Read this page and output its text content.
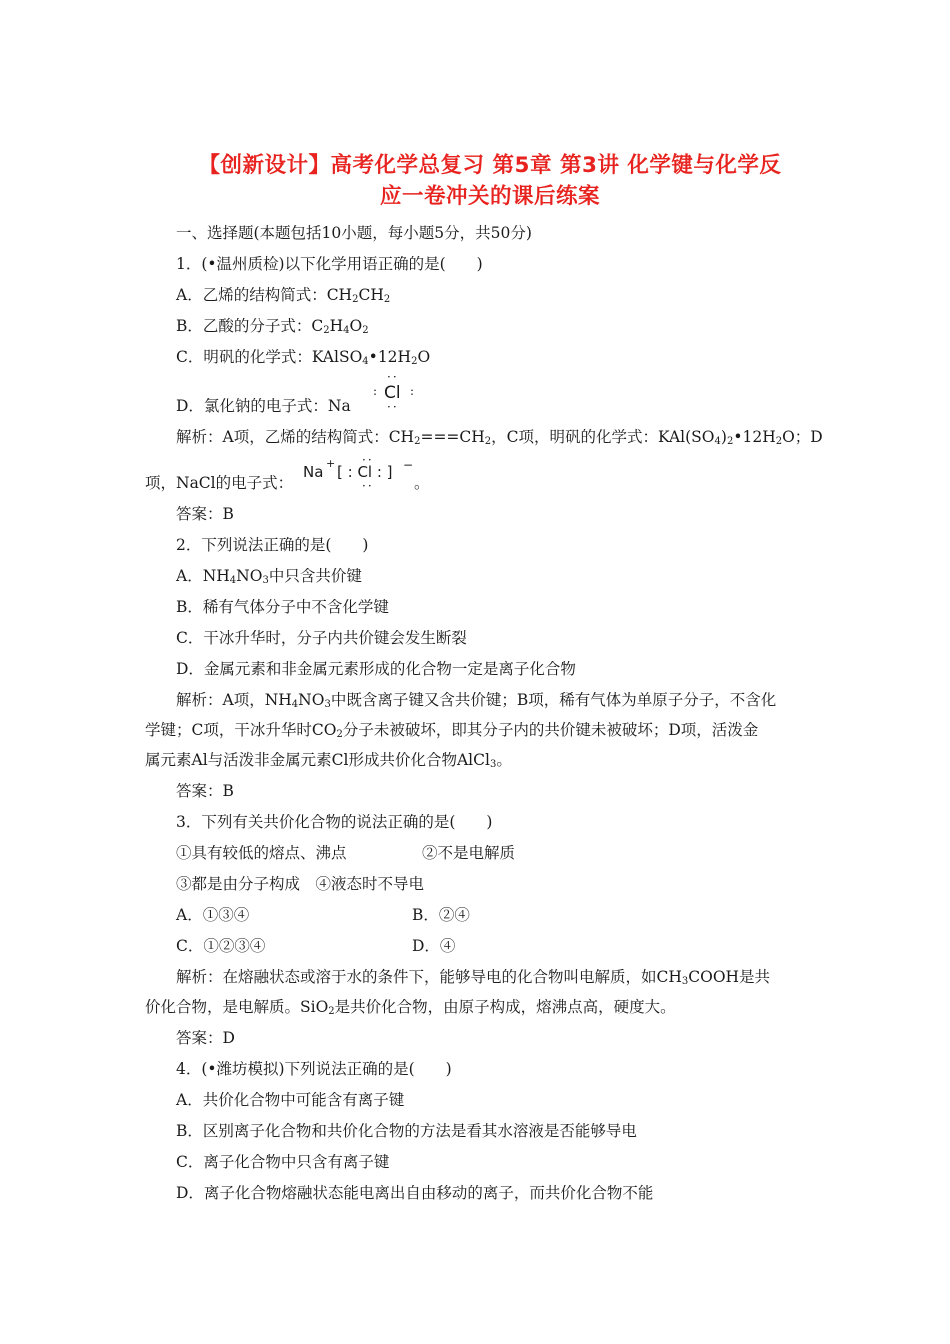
【创新设计】高考化学总复习 第5章 第3讲 化学键与化学反
应一卷冲关的课后练案
一、选择题(本题包括10小题，每小题5分，共50分)
1．(•温州质检)以下化学用语正确的是(　　)
A．乙烯的结构简式：$CH_2CH_2$
B．乙酸的分子式：$C_2H_4O_2$
C．明矾的化学式：$KAlSO_4•12H_2O$
D．氯化钠的电子式：Na
··
: Cl :
··
解析：A项，乙烯的结构简式：$CH_2===CH_2$，C项，明矾的化学式：$KAl(SO_4)_2•12H_2O$；D
项，NaCl的电子式：
Na + [ : Cl : ]
··
··
−
。
答案：B
2．下列说法正确的是(　　)
A．$NH_4NO_3$中只含共价键
B．稀有气体分子中不含化学键
C．干冰升华时，分子内共价键会发生断裂
D．金属元素和非金属元素形成的化合物一定是离子化合物
解析：A项，$NH_4NO_3$中既含离子键又含共价键；B项，稀有气体为单原子分子，不含化
学键；C项，干冰升华时$CO_2$分子未被破坏，即其分子内的共价键未被破坏；D项，活泼金
属元素Al与活泼非金属元素Cl形成共价化合物AlCl$_3$。
答案：B
3．下列有关共价化合物的说法正确的是(　　)
①具有较低的熔点、沸点	②不是电解质
③都是由分子构成　④液态时不导电
A．①③④	B．②④
C．①②③④	D．④
解析：在熔融状态或溶于水的条件下，能够导电的化合物叫电解质，如$CH_3COOH$是共
价化合物，是电解质。SiO$_2$是共价化合物，由原子构成，熔沸点高，硬度大。
答案：D
4．(•潍坊模拟)下列说法正确的是(　　)
A．共价化合物中可能含有离子键
B．区别离子化合物和共价化合物的方法是看其水溶液是否能够导电
C．离子化合物中只含有离子键
D．离子化合物熔融状态能电离出自由移动的离子，而共价化合物不能
